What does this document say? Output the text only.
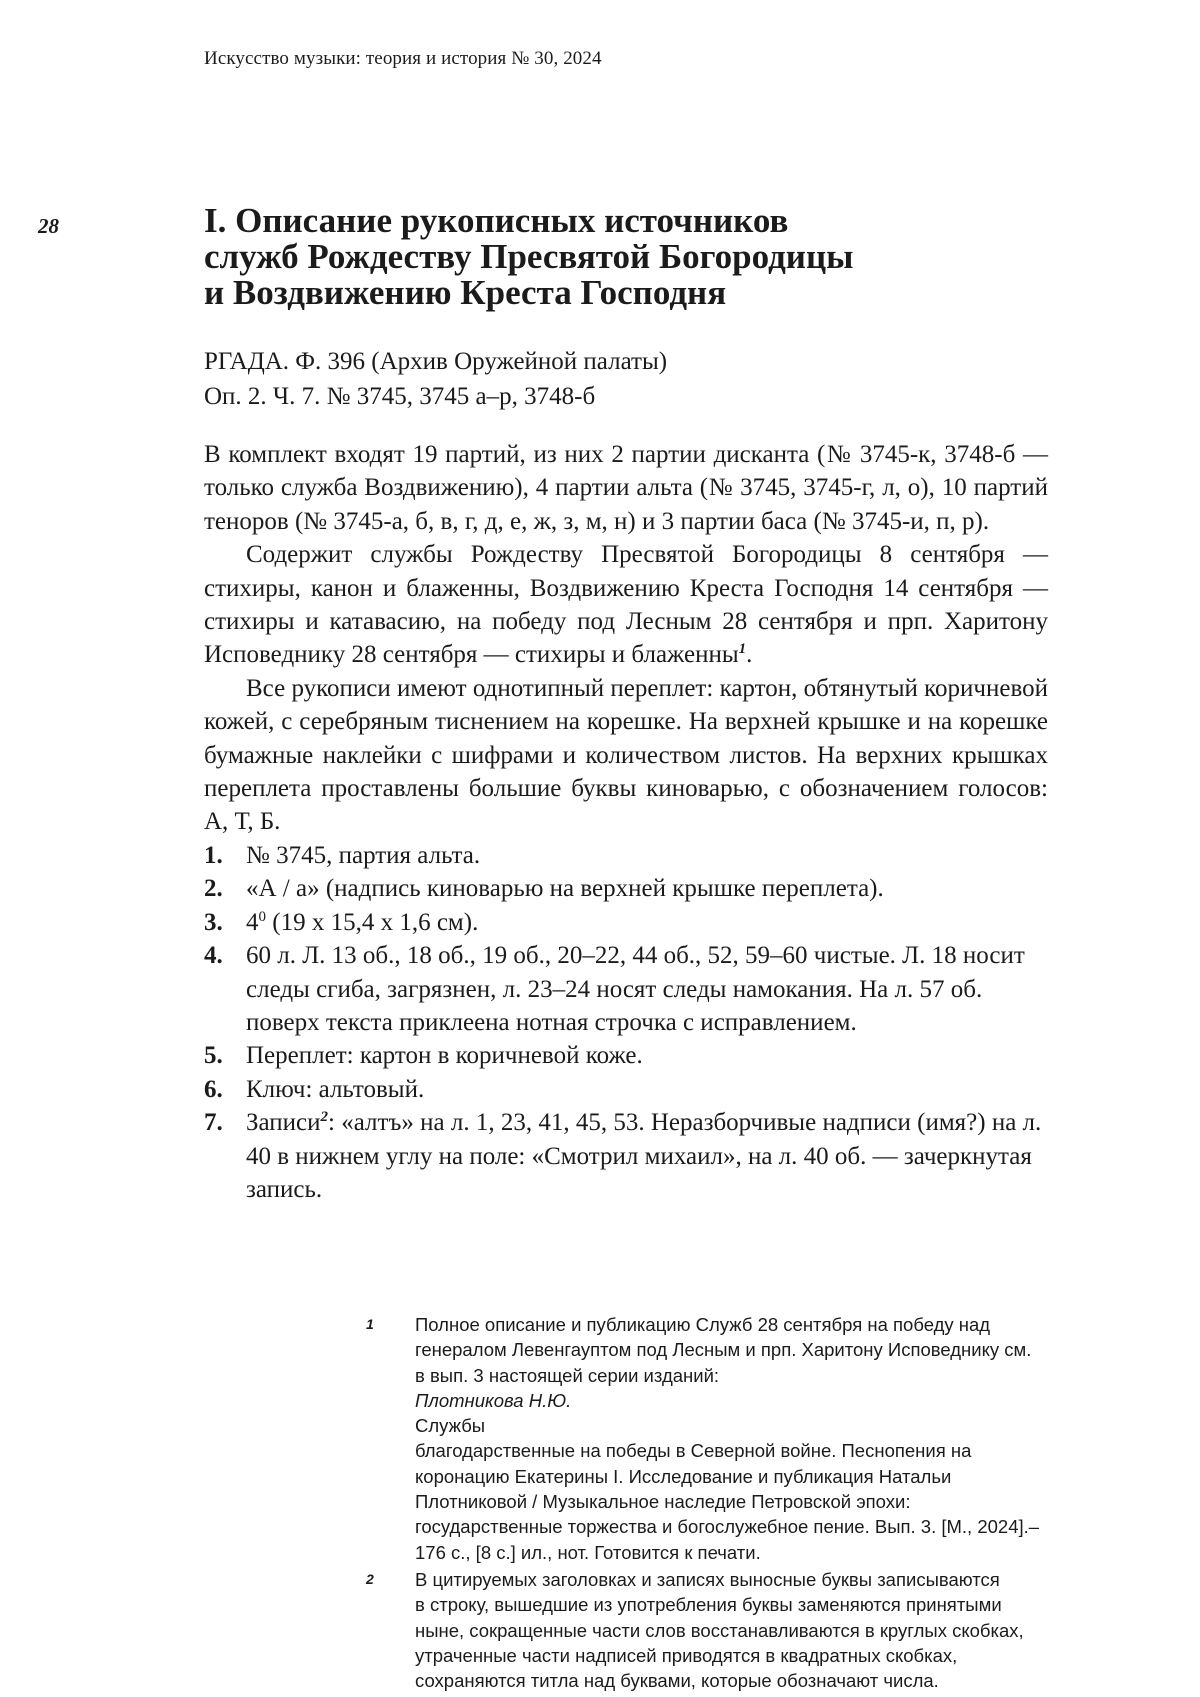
Искусство музыки: теория и история № 30, 2024
28	I. Описание рукописных источников
служб Рождеству Пресвятой Богородицы
и Воздвижению Креста Господня
РГАДА. Ф. 396 (Архив Оружейной палаты)
Оп. 2. Ч. 7. № 3745, 3745 а–р, 3748-б

В комплект входят 19 партий, из них 2 партии дисканта (№ 3745-к, 3748-б — только служба Воздвижению), 4 партии альта (№ 3745, 3745-г, л, о), 10 партий теноров (№ 3745-а, б, в, г, д, е, ж, з, м, н) и 3 партии баса (№ 3745-и, п, р).

Содержит службы Рождеству Пресвятой Богородицы 8 сентября — стихиры, канон и блаженны, Воздвижению Креста Господня 14 сентября — стихиры и катавасию, на победу под Лесным 28 сентября и прп. Харитону Исповеднику 28 сентября — стихиры и блаженны$^1$.

Все рукописи имеют однотипный переплет: картон, обтянутый коричневой кожей, с серебряным тиснением на корешке. На верхней крышке и на корешке бумажные наклейки с шифрами и количеством листов. На верхних крышках переплета проставлены большие буквы киноварью, с обозначением голосов: А, Т, Б.

1. № 3745, партия альта.
2. «А / а» (надпись киноварью на верхней крышке переплета).
3. $4^0$ (19 х 15,4 х 1,6 см).
4. 60 л. Л. 13 об., 18 об., 19 об., 20–22, 44 об., 52, 59–60 чистые. Л. 18 носит следы сгиба, загрязнен, л. 23–24 носят следы намокания. На л. 57 об. поверх текста приклеена нотная строчка с исправлением.
5. Переплет: картон в коричневой коже.
6. Ключ: альтовый.
7. Записи$^2$: «алтъ» на л. 1, 23, 41, 45, 53. Неразборчивые надписи (имя?) на л. 40 в нижнем углу на поле: «Смотрил михаил», на л. 40 об. — зачеркнутая запись.
1 Полное описание и публикацию Служб 28 сентября на победу над
генералом Левенгауптом под Лесным и прп. Харитону Исповеднику см.
в вып. 3 настоящей серии изданий:
Плотникова Н.Ю.
Службы
благодарственные на победы в Северной войне. Песнопения на
коронацию Екатерины I. Исследование и публикация Натальи
Плотниковой / Музыкальное наследие Петровской эпохи:
государственные торжества и богослужебное пение. Вып. 3. [М., 2024].–
176 с., [8 с.] ил., нот. Готовится к печати.
2 В цитируемых заголовках и записях выносные буквы записываются
в строку, вышедшие из употребления буквы заменяются принятыми
ныне, сокращенные части слов восстанавливаются в круглых скобках,
утраченные части надписей приводятся в квадратных скобках,
сохраняются титла над буквами, которые обозначают числа.
